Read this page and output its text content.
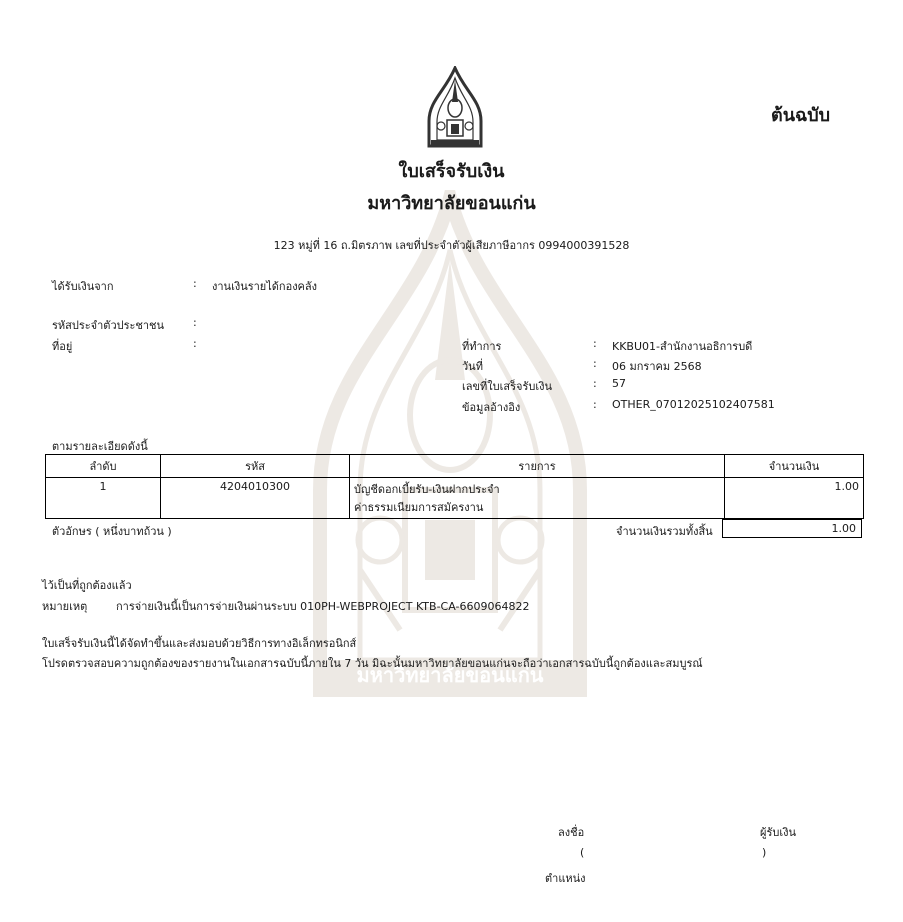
มหาวิทยาลัยขอนแก่น
ต้นฉบับ
ใบเสร็จรับเงิน
มหาวิทยาลัยขอนแก่น
123 หมู่ที่ 16 ถ.มิตรภาพ เลขที่ประจำตัวผู้เสียภาษีอากร 0994000391528
ได้รับเงินจาก	: งานเงินรายได้กองคลัง
รหัสประจำตัวประชาชน	:
ที่อยู่	:	ที่ทำการ	: KKBU01-สำนักงานอธิการบดี
วันที่	: 06 มกราคม 2568
เลขที่ใบเสร็จรับเงิน	: 57
ข้อมูลอ้างอิง	: OTHER_07012025102407581
ตามรายละเอียดดังนี้
ลำดับ	รหัส	รายการ	จำนวนเงิน
1	4204010300	บัญชีดอกเบี้ยรับ-เงินฝากประจำ
ค่าธรรมเนียมการสมัครงาน	1.00
ตัวอักษร ( หนึ่งบาทถ้วน )	จำนวนเงินรวมทั้งสิ้น	1.00
ไว้เป็นที่ถูกต้องแล้ว
หมายเหตุ	การจ่ายเงินนี้เป็นการจ่ายเงินผ่านระบบ 010PH-WEBPROJECT KTB-CA-6609064822
ใบเสร็จรับเงินนี้ได้จัดทำขึ้นและส่งมอบด้วยวิธีการทางอิเล็กทรอนิกส์
โปรดตรวจสอบความถูกต้องของรายงานในเอกสารฉบับนี้ภายใน 7 วัน มิฉะนั้นมหาวิทยาลัยขอนแก่นจะถือว่าเอกสารฉบับนี้ถูกต้องและสมบูรณ์
ลงชื่อ	ผู้รับเงิน
(	)
ตำแหน่ง
